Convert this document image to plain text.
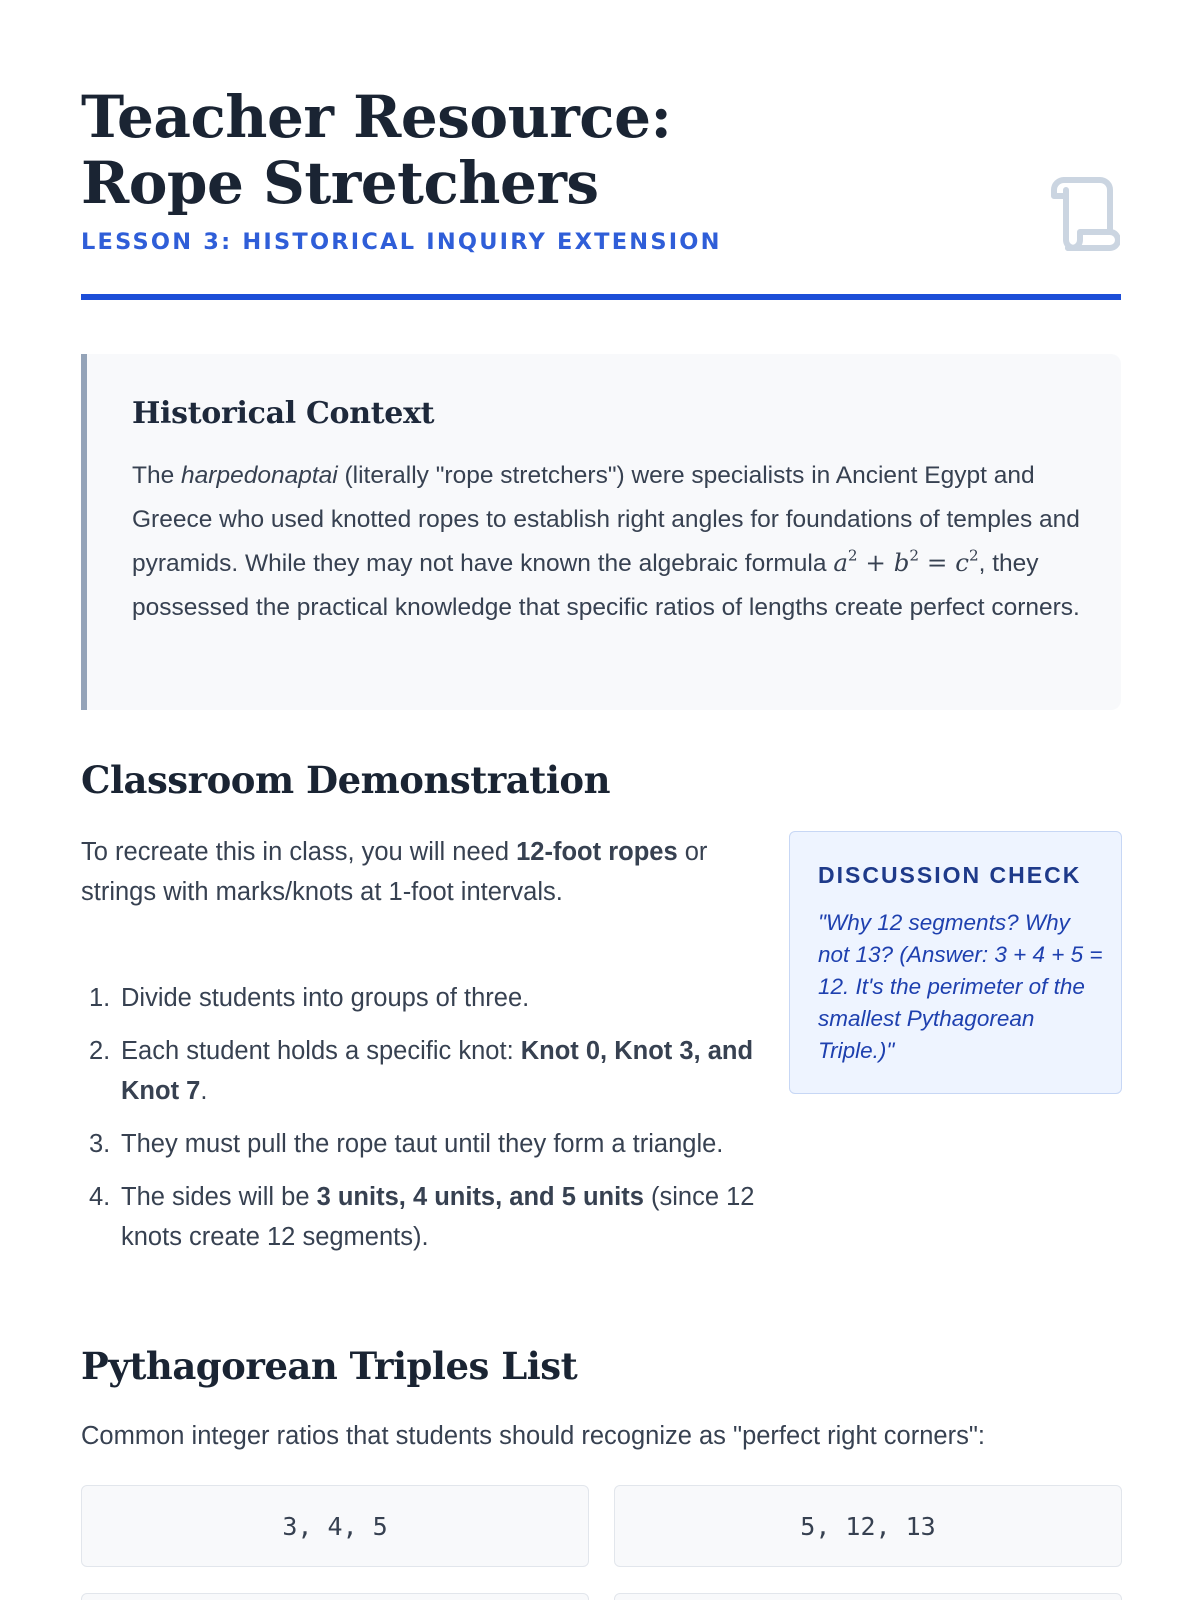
Teacher Resource: Rope Stretchers
LESSON 3: HISTORICAL INQUIRY EXTENSION
Historical Context
The harpedonaptai (literally "rope stretchers") were specialists in Ancient Egypt and Greece who used knotted ropes to establish right angles for foundations of temples and pyramids. While they may not have known the algebraic formula $a^2 + b^2 = c^2$, they possessed the practical knowledge that specific ratios of lengths create perfect corners.
Classroom Demonstration

To recreate this in class, you will need 12-foot ropes or strings with marks/knots at 1-foot intervals.

1. Divide students into groups of three.
2. Each student holds a specific knot: Knot 0, Knot 3, and Knot 7.
3. They must pull the rope taut until they form a triangle.
4. The sides will be 3 units, 4 units, and 5 units (since 12 knots create 12 segments).
DISCUSSION CHECK
"Why 12 segments? Why not 13? (Answer: 3 + 4 + 5 = 12. It's the perimeter of the smallest Pythagorean Triple.)"
Pythagorean Triples List

Common integer ratios that students should recognize as "perfect right corners":

3, 4, 5	5, 12, 13
